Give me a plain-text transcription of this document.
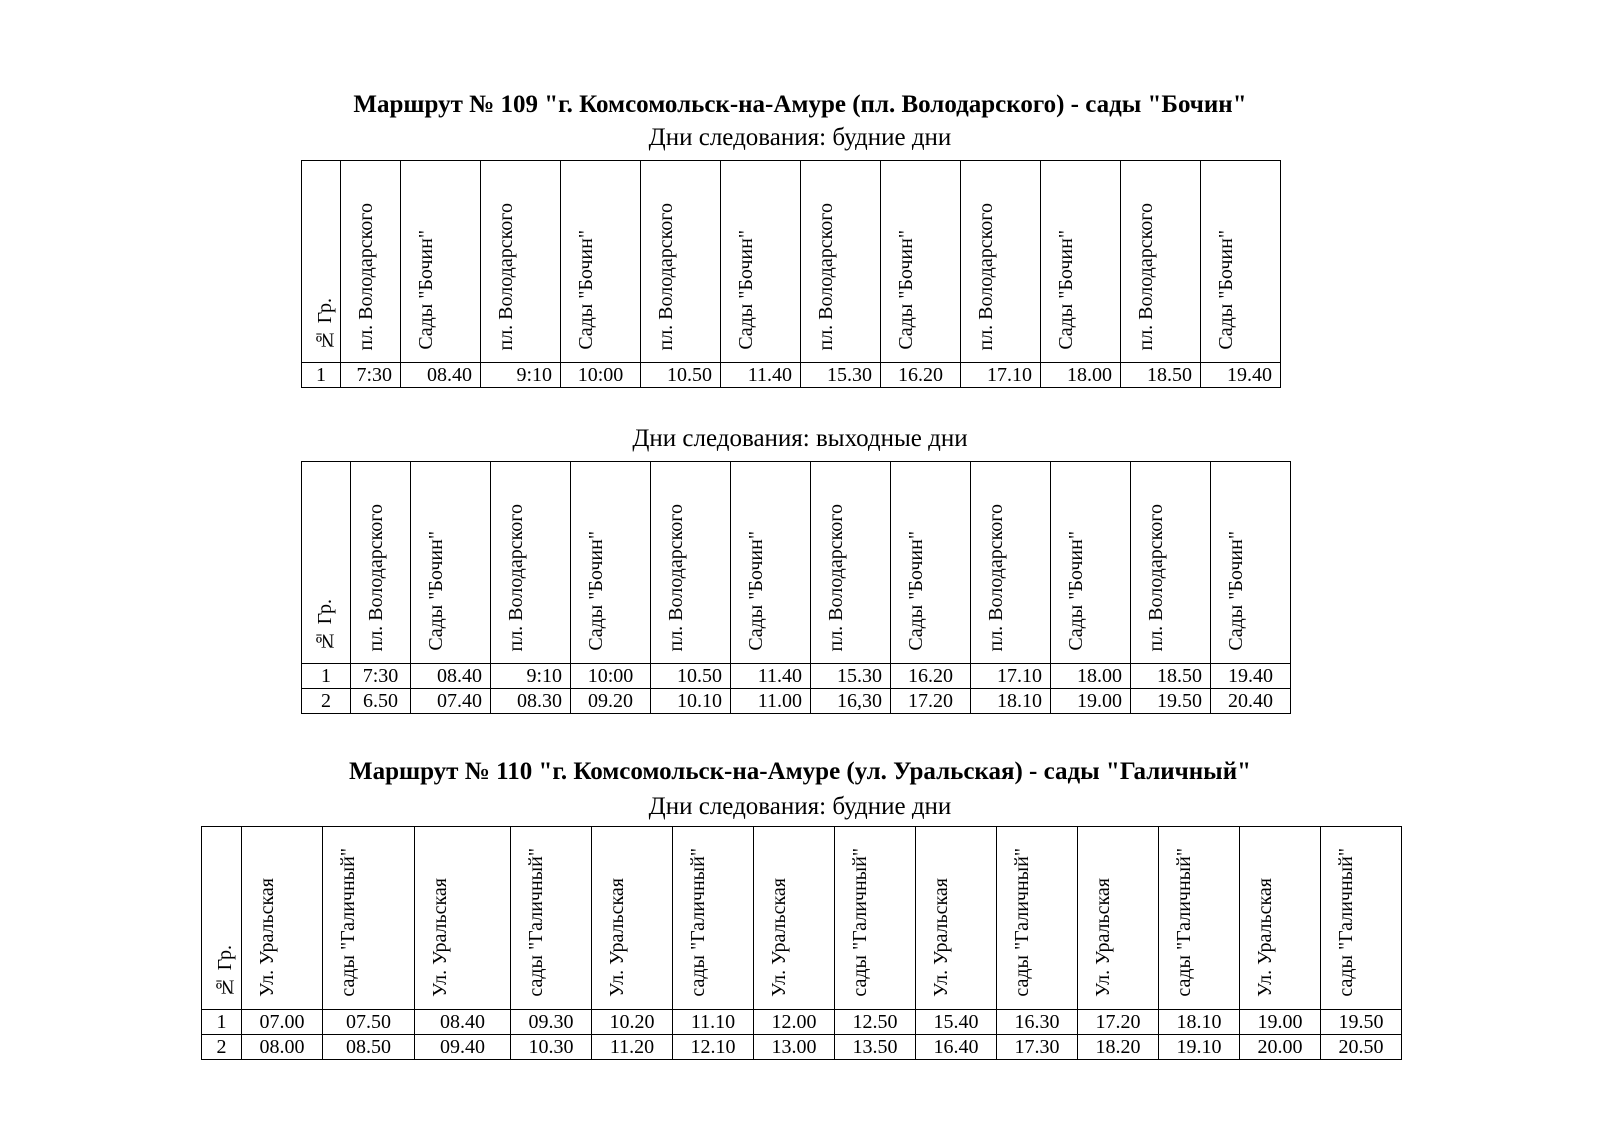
Маршрут № 109 "г. Комсомольск-на-Амуре (пл. Володарского) - сады "Бочин"
Дни следования: будние дни
№ Гр.	пл. Володарского	Сады "Бочин"	пл. Володарского	Сады "Бочин"	пл. Володарского	Сады "Бочин"	пл. Володарского	Сады "Бочин"	пл. Володарского	Сады "Бочин"	пл. Володарского	Сады "Бочин"

1	7:30	08.40	9:10	10:00	10.50	11.40	15.30	16.20	17.10	18.00	18.50	19.40
Дни следования: выходные дни
№ Гр.	пл. Володарского	Сады "Бочин"	пл. Володарского	Сады "Бочин"	пл. Володарского	Сады "Бочин"	пл. Володарского	Сады "Бочин"	пл. Володарского	Сады "Бочин"	пл. Володарского	Сады "Бочин"

1	7:30	08.40	9:10	10:00	10.50	11.40	15.30	16.20	17.10	18.00	18.50	19.40
2	6.50	07.40	08.30	09.20	10.10	11.00	16,30	17.20	18.10	19.00	19.50	20.40
Маршрут № 110 "г. Комсомольск-на-Амуре (ул. Уральская) - сады "Галичный"
Дни следования: будние дни
№ Гр.	Ул. Уральская	сады "Галичный"	Ул. Уральская	сады "Галичный"	Ул. Уральская	сады "Галичный"	Ул. Уральская	сады "Галичный"	Ул. Уральская	сады "Галичный"	Ул. Уральская	сады "Галичный"	Ул. Уральская	сады "Галичный"

1	07.00	07.50	08.40	09.30	10.20	11.10	12.00	12.50	15.40	16.30	17.20	18.10	19.00	19.50
2	08.00	08.50	09.40	10.30	11.20	12.10	13.00	13.50	16.40	17.30	18.20	19.10	20.00	20.50
